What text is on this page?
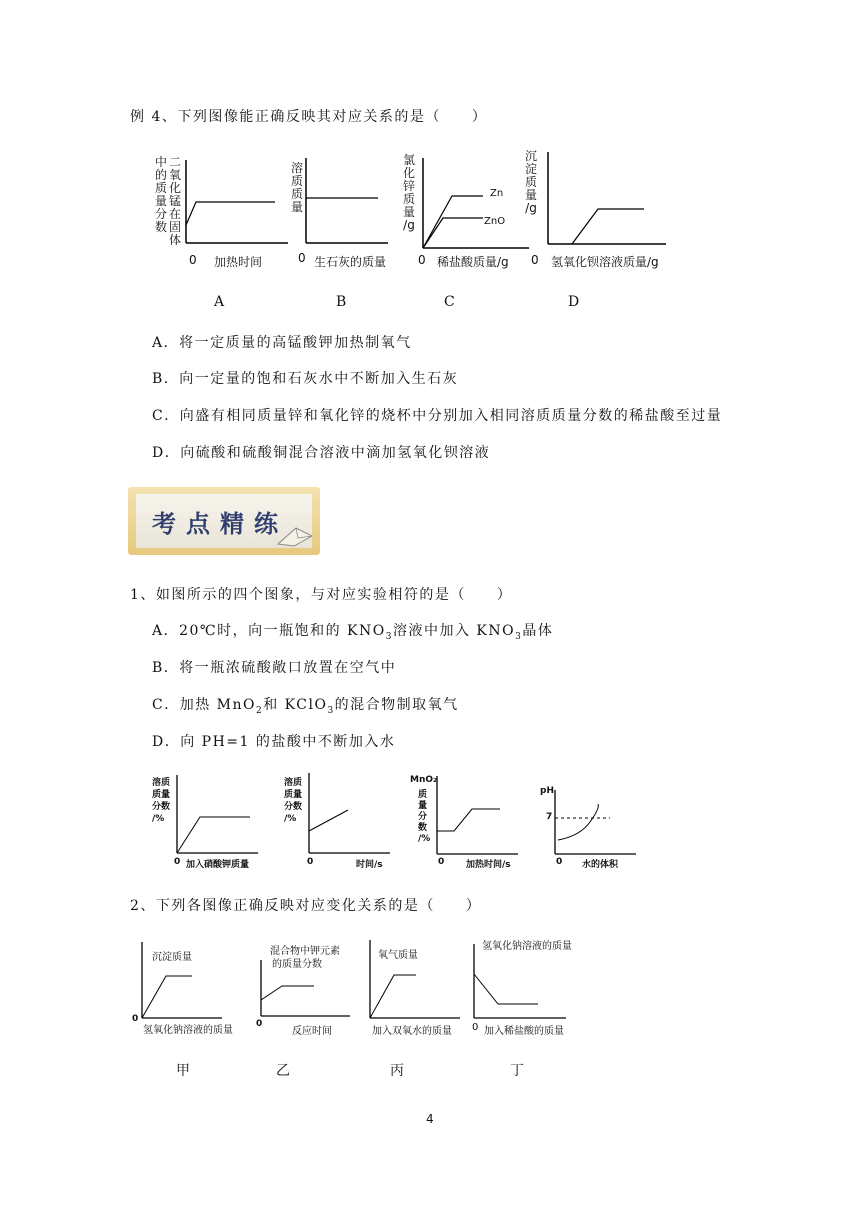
例 4、下列图像能正确反映其对应关系的是（　　）
中的质量分数
二氧化锰在固体
0 加热时间
A
溶
质
质
量
0 生石灰的质量
B
氯
化
锌
质
量
/g
Zn
ZnO
0 稀盐酸质量/g
C
沉
淀
质
量
/g
0 氢氧化钡溶液质量/g
D
A．将一定质量的高锰酸钾加热制氧气
B．向一定量的饱和石灰水中不断加入生石灰
C．向盛有相同质量锌和氧化锌的烧杯中分别加入相同溶质质量分数的稀盐酸至过量
D．向硫酸和硫酸铜混合溶液中滴加氢氧化钡溶液
考点精练
1、如图所示的四个图象，与对应实验相符的是（　　）
A．20℃时，向一瓶饱和的 $KNO_3$溶液中加入 $KNO_3$晶体
B．将一瓶浓硫酸敞口放置在空气中
C．加热 MnO$_2$和 KClO$_3$的混合物制取氧气
D．向 PH=1 的盐酸中不断加入水
溶质
质量
分数
/%
0 加入硝酸钾质量
溶质
质量
分数
/%
0	时间/s
MnO₂
质
量
分
数
/%
0 加热时间/s
pH
7
0 水的体积
2、下列各图像正确反映对应变化关系的是（　　）
沉淀质量
0
氢氧化钠溶液的质量
甲
混合物中钾元素
的质量分数
0
反应时间
乙
氧气质量
加入双氧水的质量
丙
氢氧化钠溶液的质量
0 加入稀盐酸的质量
丁
4
